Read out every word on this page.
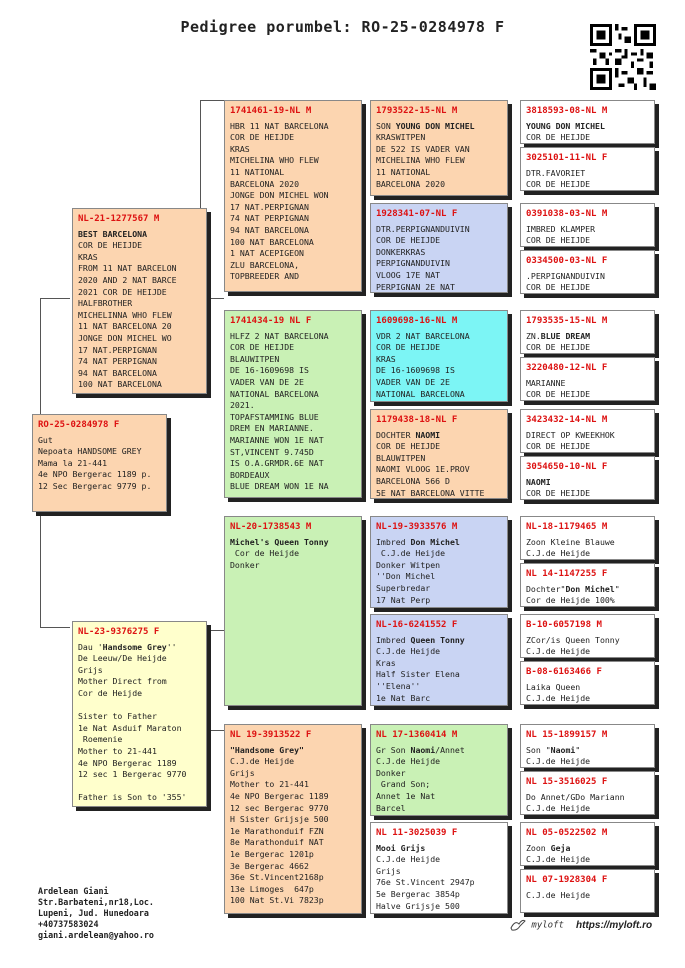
Pedigree porumbel: RO-25-0284978 F
RO-25-0284978 F
Gut
Nepoata HANDSOME GREY
Mama la 21-441
4e NPO Bergerac 1189 p.
12 Sec Bergerac 9779 p.
NL-21-1277567 M
BEST BARCELONA
COR DE HEIJDE
KRAS
FROM 11 NAT BARCELON
2020 AND 2 NAT BARCE
2021 COR DE HEIJDE
HALFBROTHER
MICHELINNA WHO FLEW
11 NAT BARCELONA 20
JONGE DON MICHEL WO
17 NAT.PERPIGNAN
74 NAT PERPIGNAN
94 NAT BARCELONA
100 NAT BARCELONA
NL-23-9376275 F
Dau 'Handsome Grey''
De Leeuw/De Heijde
Grijs
Mother Direct from
Cor de Heijde

Sister to Father
1e Nat Asduif Maraton
Roemenie
Mother to 21-441
4e NPO Bergerac 1189
12 sec 1 Bergerac 9770

Father is Son to '355'
1741461-19-NL M
HBR 11 NAT BARCELONA
COR DE HEIJDE
KRAS
MICHELINA WHO FLEW
11 NATIONAL
BARCELONA 2020
JONGE DON MICHEL WON
17 NAT.PERPIGNAN
74 NAT PERPIGNAN
94 NAT BARCELONA
100 NAT BARCELONA
1 NAT ACEPIGEON
ZLU BARCELONA,
TOPBREEDER AND
1741434-19 NL F
HLFZ 2 NAT BARCELONA
COR DE HEIJDE
BLAUWITPEN
DE 16-1609698 IS
VADER VAN DE 2E
NATIONAL BARCELONA
2021.
TOPAFSTAMMING BLUE
DREM EN MARIANNE.
MARIANNE WON 1E NAT
ST,VINCENT 9.745D
IS O.A.GRMDR.6E NAT
BORDEAUX
BLUE DREAM WON 1E NA
NL-20-1738543 M
Michel's Queen Tonny
Cor de Heijde
Donker
NL 19-3913522 F
"Handsome Grey"
C.J.de Heijde
Grijs
Mother to 21-441
4e NPO Bergerac 1189
12 sec Bergerac 9770
H Sister Grijsje 500
1e Marathonduif FZN
8e Marathonduif NAT
1e Bergerac 1201p
3e Bergerac 4662
36e St.Vincent2168p
13e Limoges  647p
100 Nat St.Vi 7823p
1793522-15-NL M
SON YOUNG DON MICHEL
KRASWITPEN
DE 522 IS VADER VAN
MICHELINA WHO FLEW
11 NATIONAL
BARCELONA 2020
1928341-07-NL F
DTR.PERPIGNANDUIVIN
COR DE HEIJDE
DONKERKRAS
PERPIGNANDUIVIN
VLOOG 17E NAT
PERPIGNAN 2E NAT
1609698-16-NL M
VDR 2 NAT BARCELONA
COR DE HEIJDE
KRAS
DE 16-1609698 IS
VADER VAN DE 2E
NATIONAL BARCELONA
1179438-18-NL F
DOCHTER NAOMI
COR DE HEIJDE
BLAUWITPEN
NAOMI VLOOG 1E.PROV
BARCELONA 566 D
5E NAT BARCELONA VITTE
NL-19-3933576 M
Imbred Don Michel
C.J.de Heijde
Donker Witpen
''Don Michel
Superbredar
17 Nat Perp
NL-16-6241552 F
Imbred Queen Tonny
C.J.de Heijde
Kras
Half Sister Elena
''Elena''
1e Nat Barc
NL 17-1360414 M
Gr Son Naomi/Annet
C.J.de Heijde
Donker
Grand Son;
Annet 1e Nat
Barcel
NL 11-3025039 F
Mooi Grijs
C.J.de Heijde
Grijs
76e St.Vincent 2947p
5e Bergerac 3854p
Halve Grijsje 500
3818593-08-NL M
YOUNG DON MICHEL
COR DE HEIJDE
3025101-11-NL F
DTR.FAVORIET
COR DE HEIJDE
0391038-03-NL M
IMBRED KLAMPER
COR DE HEIJDE
0334500-03-NL F
.PERPIGNANDUIVIN
COR DE HEIJDE
1793535-15-NL M
ZN.BLUE DREAM
COR DE HEIJDE
3220480-12-NL F
MARIANNE
COR DE HEIJDE
3423432-14-NL M
DIRECT OP KWEEKHOK
COR DE HEIJDE
3054650-10-NL F
NAOMI
COR DE HEIJDE
NL-18-1179465 M
Zoon Kleine Blauwe
C.J.de Heijde
NL 14-1147255 F
Dochter"Don Michel"
Cor de Heijde 100%
B-10-6057198 M
ZCor/is Queen Tonny
C.J.de Heijde
B-08-6163466 F
Laika Queen
C.J.de Heijde
NL 15-1899157 M
Son "Naomi"
C.J.de Heijde
NL 15-3516025 F
Do Annet/GDo Mariann
C.J.de Heijde
NL 05-0522502 M
Zoon Geja
C.J.de Heijde
NL 07-1928304 F
C.J.de Heijde
Ardelean Giani
Str.Barbateni,nr18,Loc.
Lupeni, Jud. Hunedoara
+40737583024
giani.ardelean@yahoo.ro
myloft https://myloft.ro
